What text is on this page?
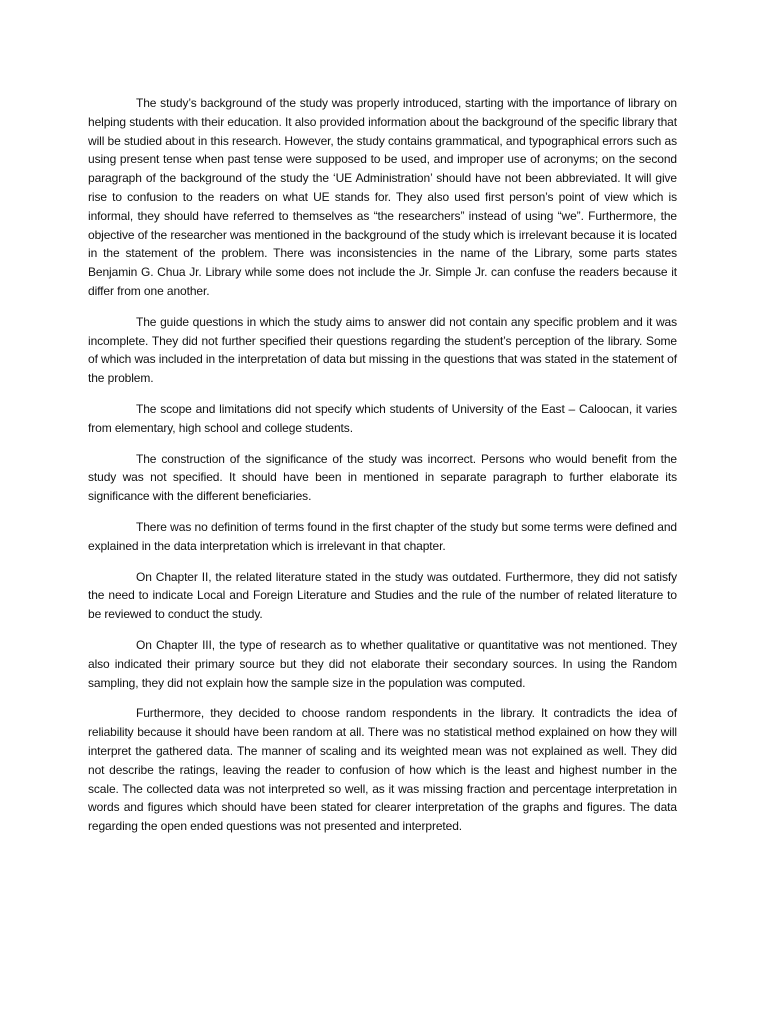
The study’s background of the study was properly introduced, starting with the importance of library on helping students with their education. It also provided information about the background of the specific library that will be studied about in this research. However, the study contains grammatical, and typographical errors such as using present tense when past tense were supposed to be used, and improper use of acronyms; on the second paragraph of the background of the study the ‘UE Administration’ should have not been abbreviated. It will give rise to confusion to the readers on what UE stands for. They also used first person’s point of view which is informal, they should have referred to themselves as “the researchers” instead of using “we”. Furthermore, the objective of the researcher was mentioned in the background of the study which is irrelevant because it is located in the statement of the problem. There was inconsistencies in the name of the Library, some parts states Benjamin G. Chua Jr. Library while some does not include the Jr. Simple Jr. can confuse the readers because it differ from one another.

The guide questions in which the study aims to answer did not contain any specific problem and it was incomplete. They did not further specified their questions regarding the student’s perception of the library. Some of which was included in the interpretation of data but missing in the questions that was stated in the statement of the problem.

The scope and limitations did not specify which students of University of the East – Caloocan, it varies from elementary, high school and college students.

The construction of the significance of the study was incorrect. Persons who would benefit from the study was not specified. It should have been in mentioned in separate paragraph to further elaborate its significance with the different beneficiaries.

There was no definition of terms found in the first chapter of the study but some terms were defined and explained in the data interpretation which is irrelevant in that chapter.

On Chapter II, the related literature stated in the study was outdated. Furthermore, they did not satisfy the need to indicate Local and Foreign Literature and Studies and the rule of the number of related literature to be reviewed to conduct the study.

On Chapter III, the type of research as to whether qualitative or quantitative was not mentioned. They also indicated their primary source but they did not elaborate their secondary sources. In using the Random sampling, they did not explain how the sample size in the population was computed.

Furthermore, they decided to choose random respondents in the library. It contradicts the idea of reliability because it should have been random at all. There was no statistical method explained on how they will interpret the gathered data. The manner of scaling and its weighted mean was not explained as well. They did not describe the ratings, leaving the reader to confusion of how which is the least and highest number in the scale. The collected data was not interpreted so well, as it was missing fraction and percentage interpretation in words and figures which should have been stated for clearer interpretation of the graphs and figures. The data regarding the open ended questions was not presented and interpreted.
